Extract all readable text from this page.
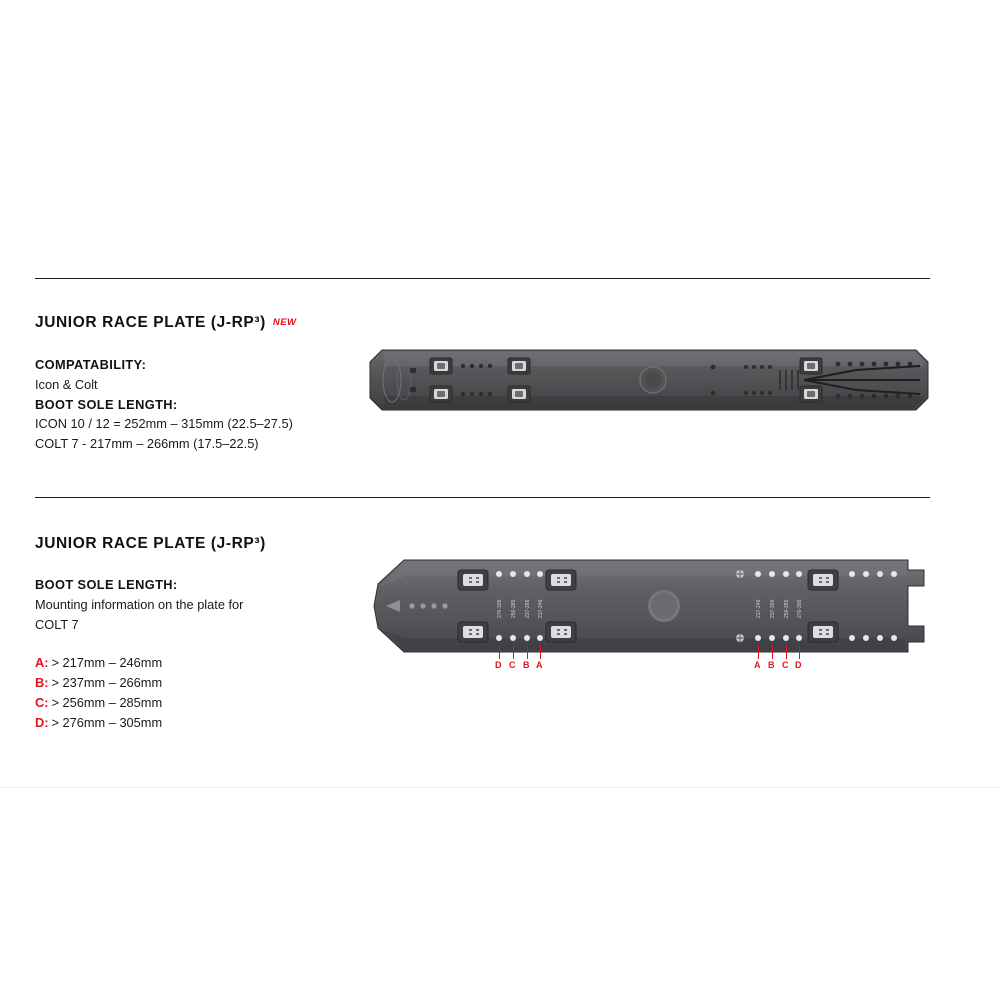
JUNIOR RACE PLATE (J-RP³) NEW
COMPATABILITY:
Icon & Colt
BOOT SOLE LENGTH:
ICON 10 / 12 = 252mm – 315mm (22.5–27.5)
COLT 7 - 217mm – 266mm (17.5–22.5)
JUNIOR RACE PLATE (J-RP³)
BOOT SOLE LENGTH:
Mounting information on the plate for
COLT 7
A: > 217mm – 246mm
B: > 237mm – 266mm
C: > 256mm – 285mm
D: > 276mm – 305mm
276-305 256-285 237-266 217-246	217-246 237-266 256-285 276-305
D C B A	A B C D
